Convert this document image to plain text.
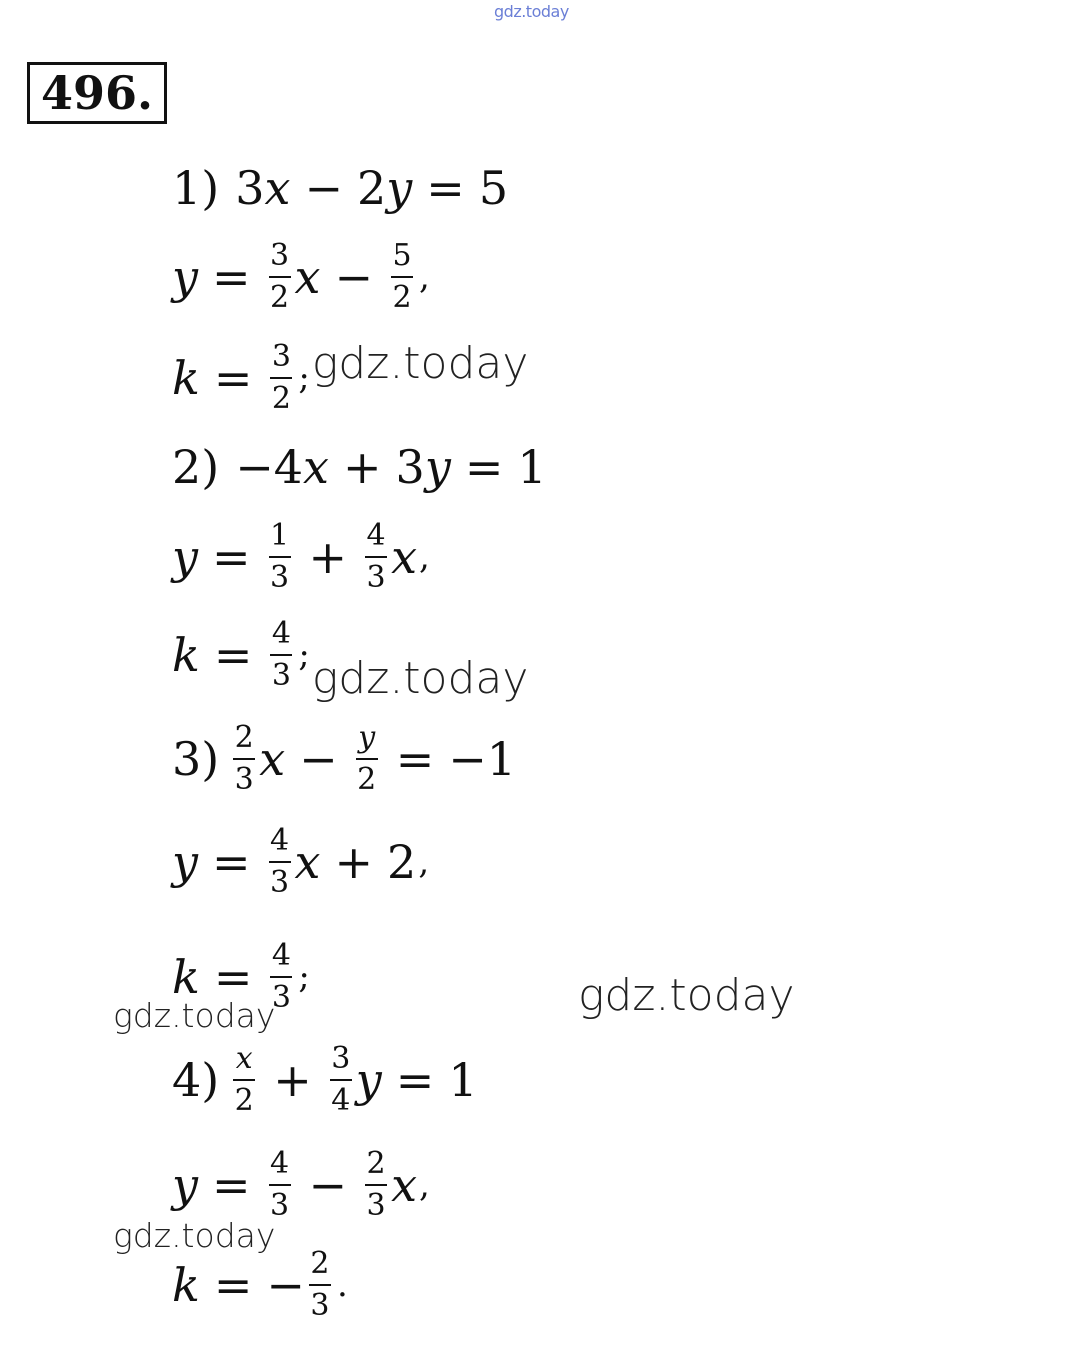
gdz.today
496.
1) 3 x − 2 y = 5
$y = \frac{3}{2}$ $x - \frac{5}{2}$ ,
$k = \frac{3}{2}$ ; gdz.today
2) −4 x + 3 y = 1
$y = \frac{1}{3} + \frac{4}{3}$ x ,
$k = \frac{4}{3}$ ; gdz.today
$3) \frac{2}{3}$ $x - \frac{y}{2} = -1$
$y = \frac{4}{3}$ x + 2 ,
$k = \frac{4}{3}$ ;
gdz.today	gdz.today
$4) \frac{x}{2} + \frac{3}{4}$ y = 1
$y = \frac{4}{3} - \frac{2}{3}$ x ,
gdz.today
k = − $\frac{2}{3}$ .
